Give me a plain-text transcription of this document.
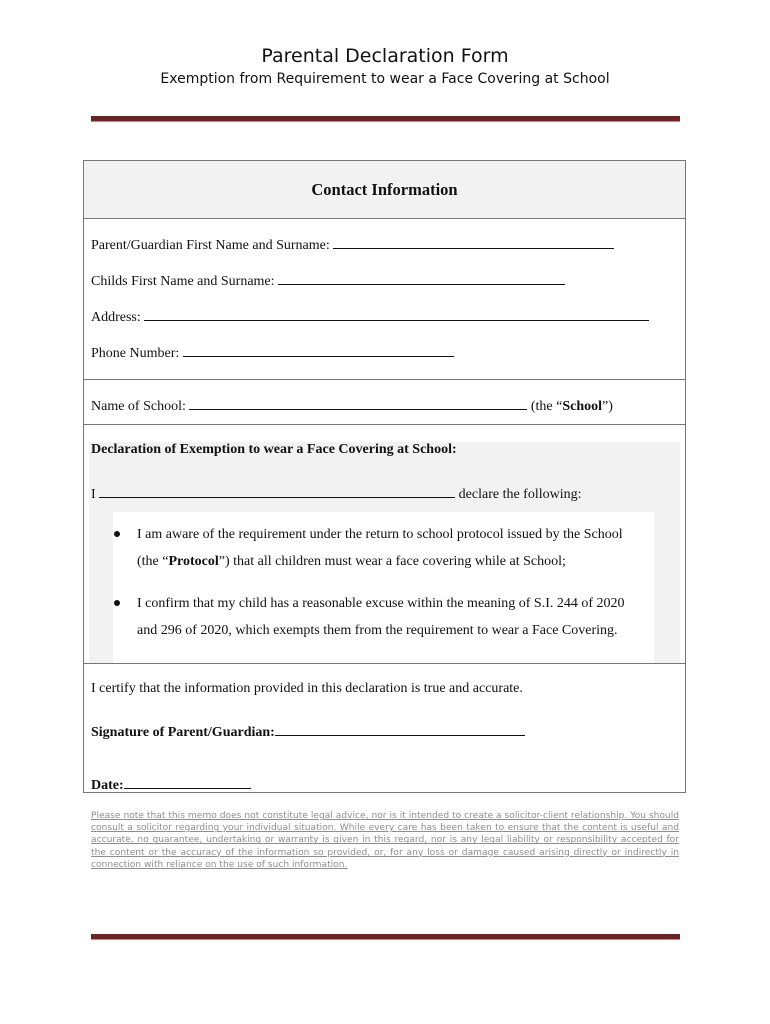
Parental Declaration Form
Exemption from Requirement to wear a Face Covering at School
Contact Information
Parent/Guardian First Name and Surname:
Childs First Name and Surname:
Address:
Phone Number:
Name of School:	(the “School”)
Declaration of Exemption to wear a Face Covering at School:
I	declare the following:
I am aware of the requirement under the return to school protocol issued by the School
(the “Protocol”) that all children must wear a face covering while at School;
I confirm that my child has a reasonable excuse within the meaning of S.I. 244 of 2020
and 296 of 2020, which exempts them from the requirement to wear a Face Covering.
I certify that the information provided in this declaration is true and accurate.
Signature of Parent/Guardian:
Date:
Please note that this memo does not constitute legal advice, nor is it intended to create a solicitor-client relationship. You should consult a solicitor regarding your individual situation. While every care has been taken to ensure that the content is useful and accurate, no guarantee, undertaking or warranty is given in this regard, nor is any legal liability or responsibility accepted for the content or the accuracy of the information so provided, or, for any loss or damage caused arising directly or indirectly in connection with reliance on the use of such information.
